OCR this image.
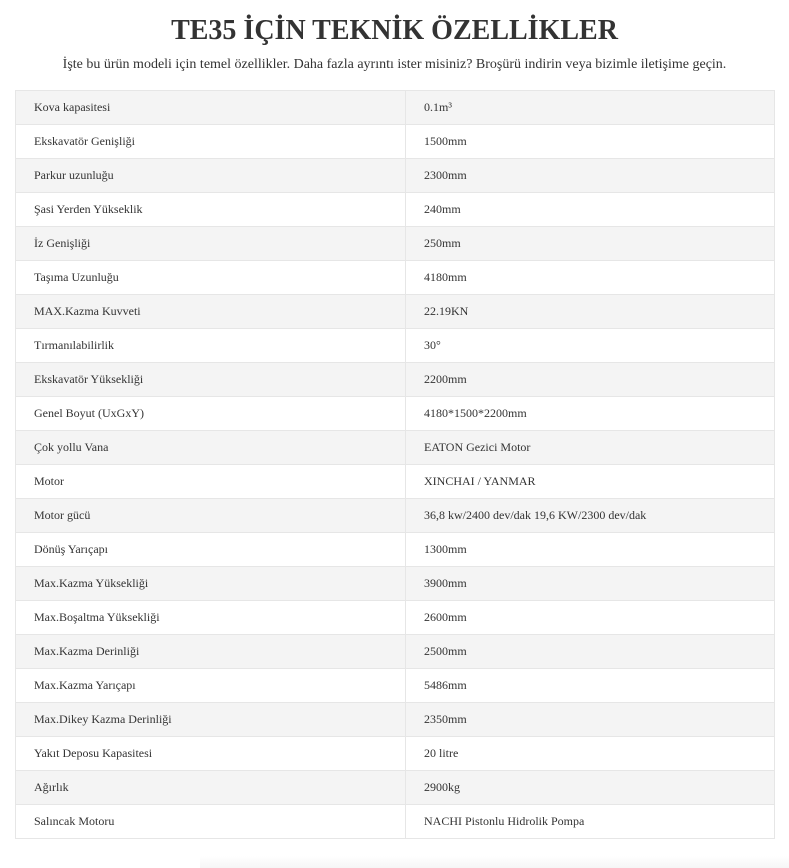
TE35 İÇİN TEKNİK ÖZELLİKLER

İşte bu ürün modeli için temel özellikler. Daha fazla ayrıntı ister misiniz? Broşürü indirin veya bizimle iletişime geçin.

Kova kapasitesi	0.1m³
Ekskavatör Genişliği	1500mm
Parkur uzunluğu	2300mm
Şasi Yerden Yükseklik	240mm
İz Genişliği	250mm
Taşıma Uzunluğu	4180mm
MAX.Kazma Kuvveti	22.19KN
Tırmanılabilirlik	30°
Ekskavatör Yüksekliği	2200mm
Genel Boyut (UxGxY)	4180*1500*2200mm
Çok yollu Vana	EATON Gezici Motor
Motor	XINCHAI / YANMAR
Motor gücü	36,8 kw/2400 dev/dak 19,6 KW/2300 dev/dak
Dönüş Yarıçapı	1300mm
Max.Kazma Yüksekliği	3900mm
Max.Boşaltma Yüksekliği	2600mm
Max.Kazma Derinliği	2500mm
Max.Kazma Yarıçapı	5486mm
Max.Dikey Kazma Derinliği	2350mm
Yakıt Deposu Kapasitesi	20 litre
Ağırlık	2900kg
Salıncak Motoru	NACHI Pistonlu Hidrolik Pompa
